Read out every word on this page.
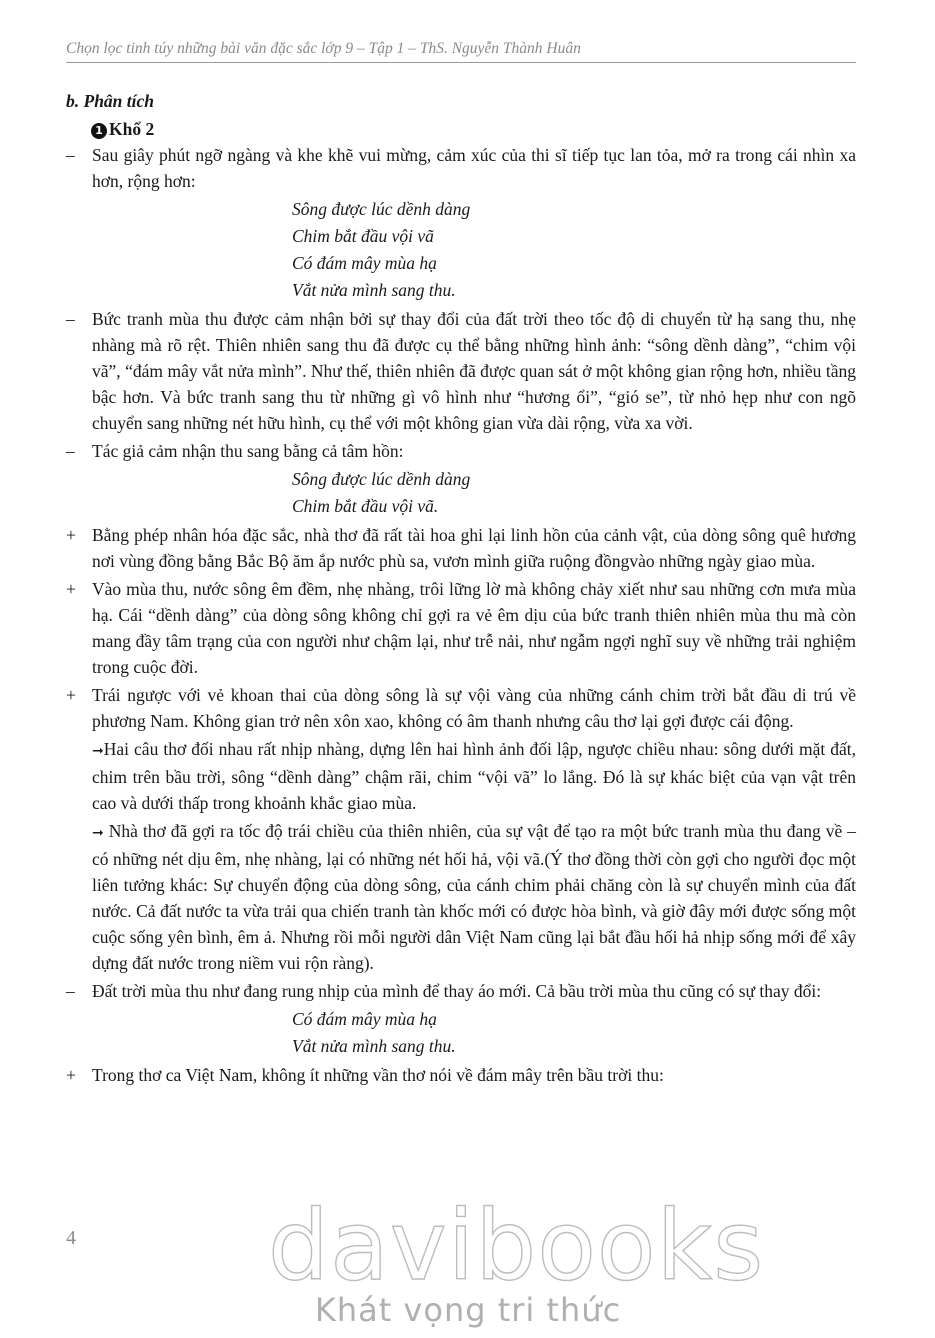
Chọn lọc tinh túy những bài văn đặc sắc lớp 9 – Tập 1 – ThS. Nguyễn Thành Huân
b. Phân tích
1 Khổ 2
– Sau giây phút ngỡ ngàng và khe khẽ vui mừng, cảm xúc của thi sĩ tiếp tục lan tỏa, mở ra trong cái nhìn xa hơn, rộng hơn:
Sông được lúc dềnh dàng
Chim bắt đầu vội vã
Có đám mây mùa hạ
Vắt nửa mình sang thu.
– Bức tranh mùa thu được cảm nhận bởi sự thay đổi của đất trời theo tốc độ di chuyển từ hạ sang thu, nhẹ nhàng mà rõ rệt. Thiên nhiên sang thu đã được cụ thể bằng những hình ảnh: “sông dềnh dàng”, “chim vội vã”, “đám mây vắt nửa mình”. Như thế, thiên nhiên đã được quan sát ở một không gian rộng hơn, nhiều tầng bậc hơn. Và bức tranh sang thu từ những gì vô hình như “hương ổi”, “gió se”, từ nhỏ hẹp như con ngõ chuyển sang những nét hữu hình, cụ thể với một không gian vừa dài rộng, vừa xa vời.
– Tác giả cảm nhận thu sang bằng cả tâm hồn:
Sông được lúc dềnh dàng
Chim bắt đầu vội vã.
+ Bằng phép nhân hóa đặc sắc, nhà thơ đã rất tài hoa ghi lại linh hồn của cảnh vật, của dòng sông quê hương nơi vùng đồng bằng Bắc Bộ ăm ắp nước phù sa, vươn mình giữa ruộng đồngvào những ngày giao mùa.
+ Vào mùa thu, nước sông êm đềm, nhẹ nhàng, trôi lững lờ mà không chảy xiết như sau những cơn mưa mùa hạ. Cái “dềnh dàng” của dòng sông không chỉ gợi ra vẻ êm dịu của bức tranh thiên nhiên mùa thu mà còn mang đầy tâm trạng của con người như chậm lại, như trễ nải, như ngẫm ngợi nghĩ suy về những trải nghiệm trong cuộc đời.
+ Trái ngược với vẻ khoan thai của dòng sông là sự vội vàng của những cánh chim trời bắt đầu di trú về phương Nam. Không gian trở nên xôn xao, không có âm thanh nhưng câu thơ lại gợi được cái động.
➞Hai câu thơ đối nhau rất nhịp nhàng, dựng lên hai hình ảnh đối lập, ngược chiều nhau: sông dưới mặt đất, chim trên bầu trời, sông “dềnh dàng” chậm rãi, chim “vội vã” lo lắng. Đó là sự khác biệt của vạn vật trên cao và dưới thấp trong khoảnh khắc giao mùa.
➞ Nhà thơ đã gợi ra tốc độ trái chiều của thiên nhiên, của sự vật để tạo ra một bức tranh mùa thu đang về – có những nét dịu êm, nhẹ nhàng, lại có những nét hối hả, vội vã.(Ý thơ đồng thời còn gợi cho người đọc một liên tưởng khác: Sự chuyển động của dòng sông, của cánh chim phải chăng còn là sự chuyển mình của đất nước. Cả đất nước ta vừa trải qua chiến tranh tàn khốc mới có được hòa bình, và giờ đây mới được sống một cuộc sống yên bình, êm ả. Nhưng rồi mỗi người dân Việt Nam cũng lại bắt đầu hối hả nhịp sống mới để xây dựng đất nước trong niềm vui rộn ràng).
– Đất trời mùa thu như đang rung nhịp của mình để thay áo mới. Cả bầu trời mùa thu cũng có sự thay đổi:
Có đám mây mùa hạ
Vắt nửa mình sang thu.
+ Trong thơ ca Việt Nam, không ít những vần thơ nói về đám mây trên bầu trời thu:
4 davibooks
Khát vọng tri thức
